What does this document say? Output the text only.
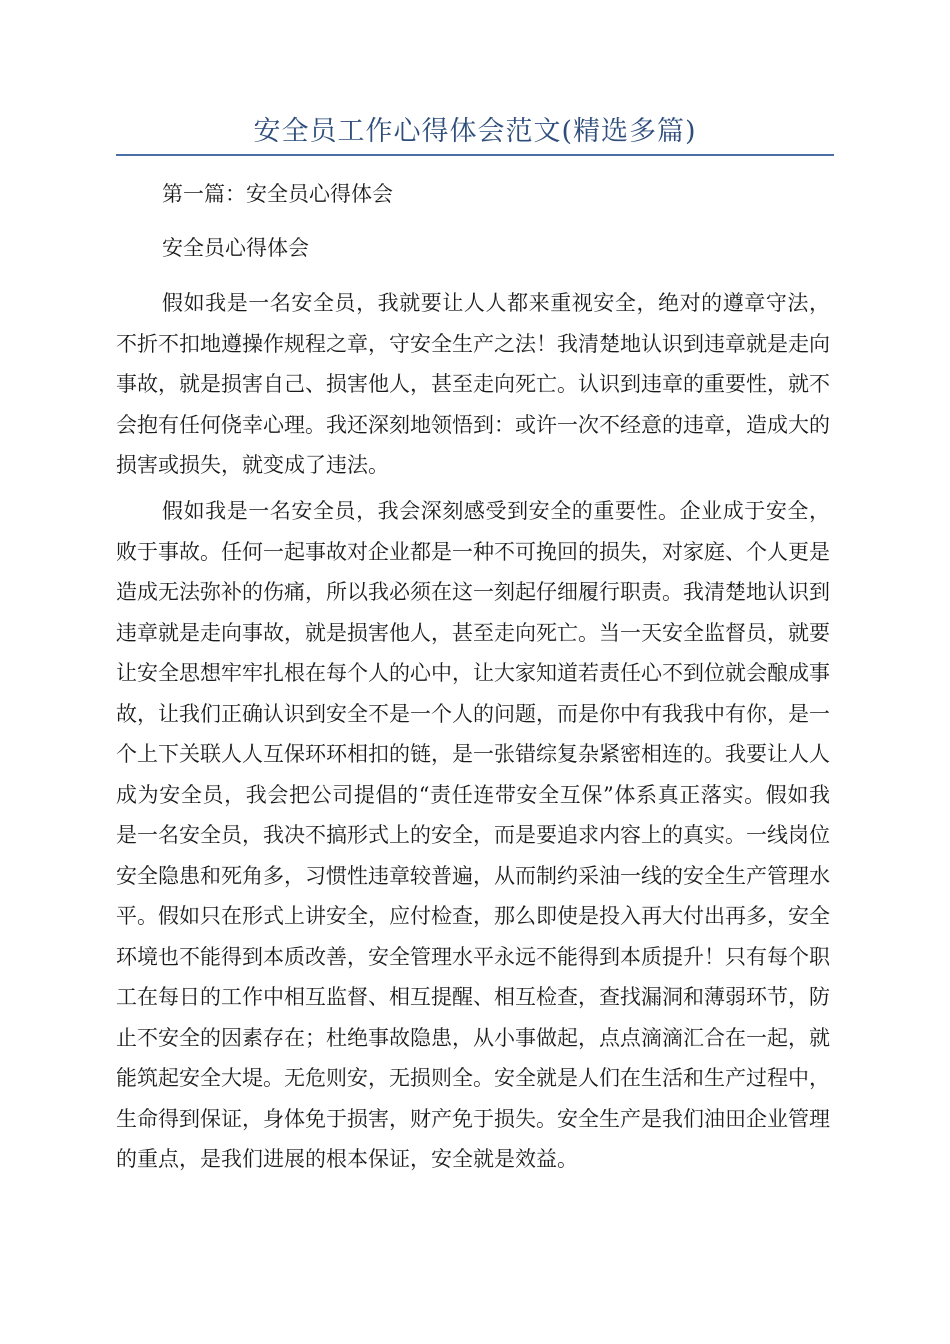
安全员工作心得体会范文(精选多篇)

第一篇：安全员心得体会

安全员心得体会

假如我是一名安全员，我就要让人人都来重视安全，绝对的遵章守法，不折不扣地遵操作规程之章，守安全生产之法！我清楚地认识到违章就是走向事故，就是损害自己、损害他人，甚至走向死亡。认识到违章的重要性，就不会抱有任何侥幸心理。我还深刻地领悟到：或许一次不经意的违章，造成大的损害或损失，就变成了违法。

假如我是一名安全员，我会深刻感受到安全的重要性。企业成于安全，败于事故。任何一起事故对企业都是一种不可挽回的损失，对家庭、个人更是造成无法弥补的伤痛，所以我必须在这一刻起仔细履行职责。我清楚地认识到违章就是走向事故，就是损害他人，甚至走向死亡。当一天安全监督员，就要让安全思想牢牢扎根在每个人的心中，让大家知道若责任心不到位就会酿成事故，让我们正确认识到安全不是一个人的问题，而是你中有我我中有你，是一个上下关联人人互保环环相扣的链，是一张错综复杂紧密相连的。我要让人人成为安全员，我会把公司提倡的“责任连带安全互保”体系真正落实。假如我是一名安全员，我决不搞形式上的安全，而是要追求内容上的真实。一线岗位安全隐患和死角多，习惯性违章较普遍，从而制约采油一线的安全生产管理水平。假如只在形式上讲安全，应付检查，那么即使是投入再大付出再多，安全环境也不能得到本质改善，安全管理水平永远不能得到本质提升！只有每个职工在每日的工作中相互监督、相互提醒、相互检查，查找漏洞和薄弱环节，防止不安全的因素存在；杜绝事故隐患，从小事做起，点点滴滴汇合在一起，就能筑起安全大堤。无危则安，无损则全。安全就是人们在生活和生产过程中，生命得到保证，身体免于损害，财产免于损失。安全生产是我们油田企业管理的重点，是我们进展的根本保证，安全就是效益。
